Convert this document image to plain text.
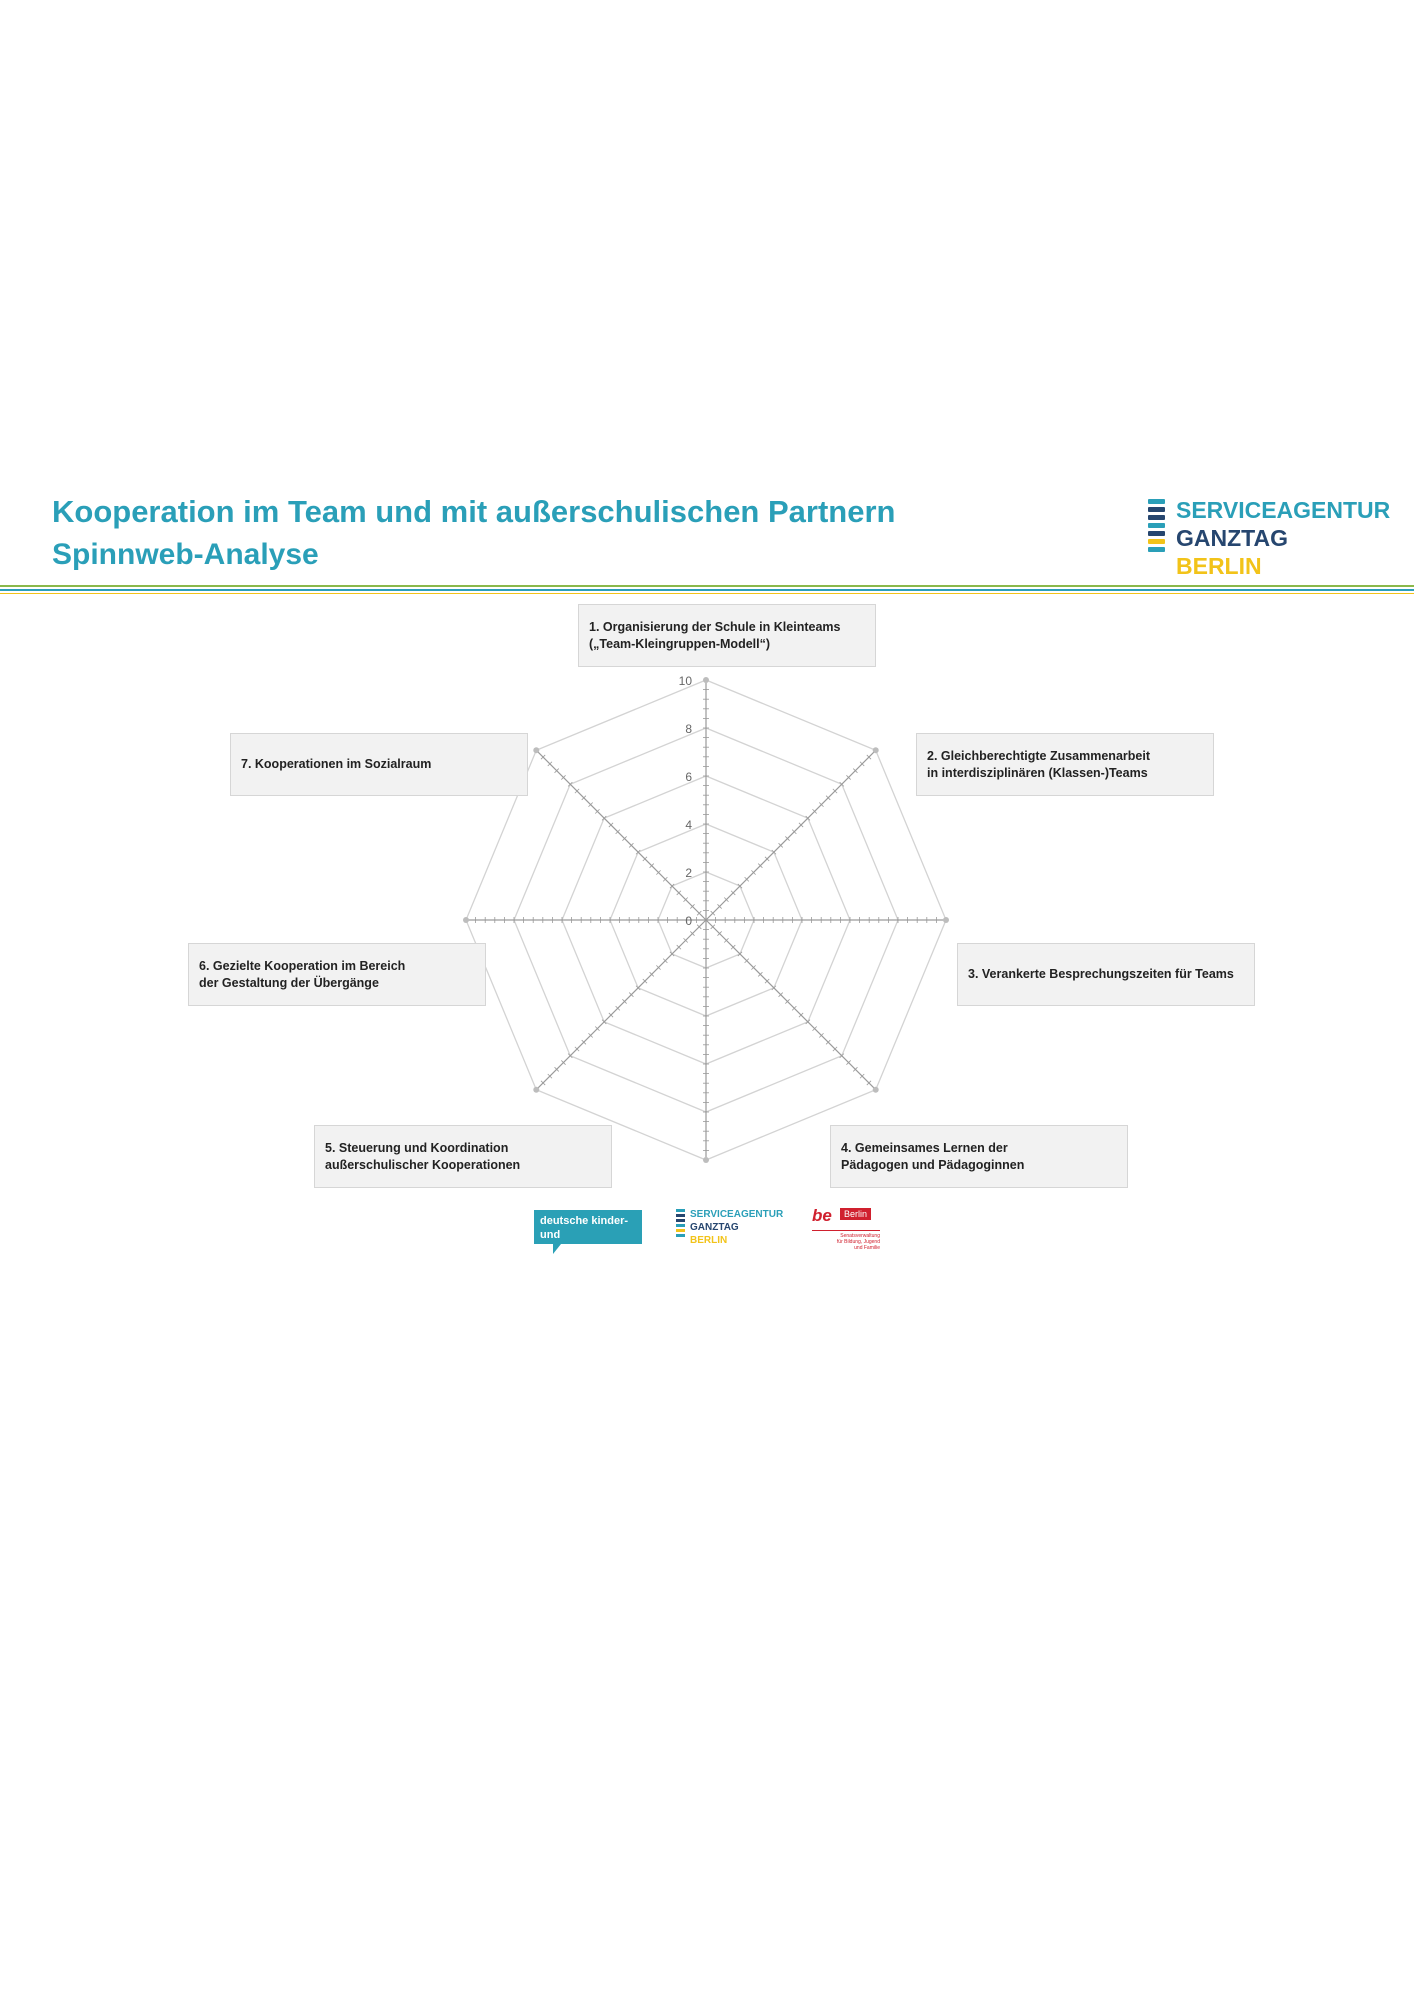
Kooperation im Team und mit außerschulischen Partnern
Spinnweb-Analyse
SERVICEAGENTUR
GANZTAG
BERLIN
0
2
4
6
8
10
1. Organisierung der Schule in Kleinteams
(„Team-Kleingruppen-Modell“)
2. Gleichberechtigte Zusammenarbeit
in interdisziplinären (Klassen-)Teams
3. Verankerte Besprechungszeiten für Teams
4. Gemeinsames Lernen der
Pädagogen und Pädagoginnen
5. Steuerung und Koordination
außerschulischer Kooperationen
6. Gezielte Kooperation im Bereich
der Gestaltung der Übergänge
7. Kooperationen im Sozialraum
deutsche kinder-
und jugendstiftung
SERVICEAGENTUR
GANZTAG
BERLIN
be	Berlin
Senatsverwaltung
für Bildung, Jugend
und Familie
